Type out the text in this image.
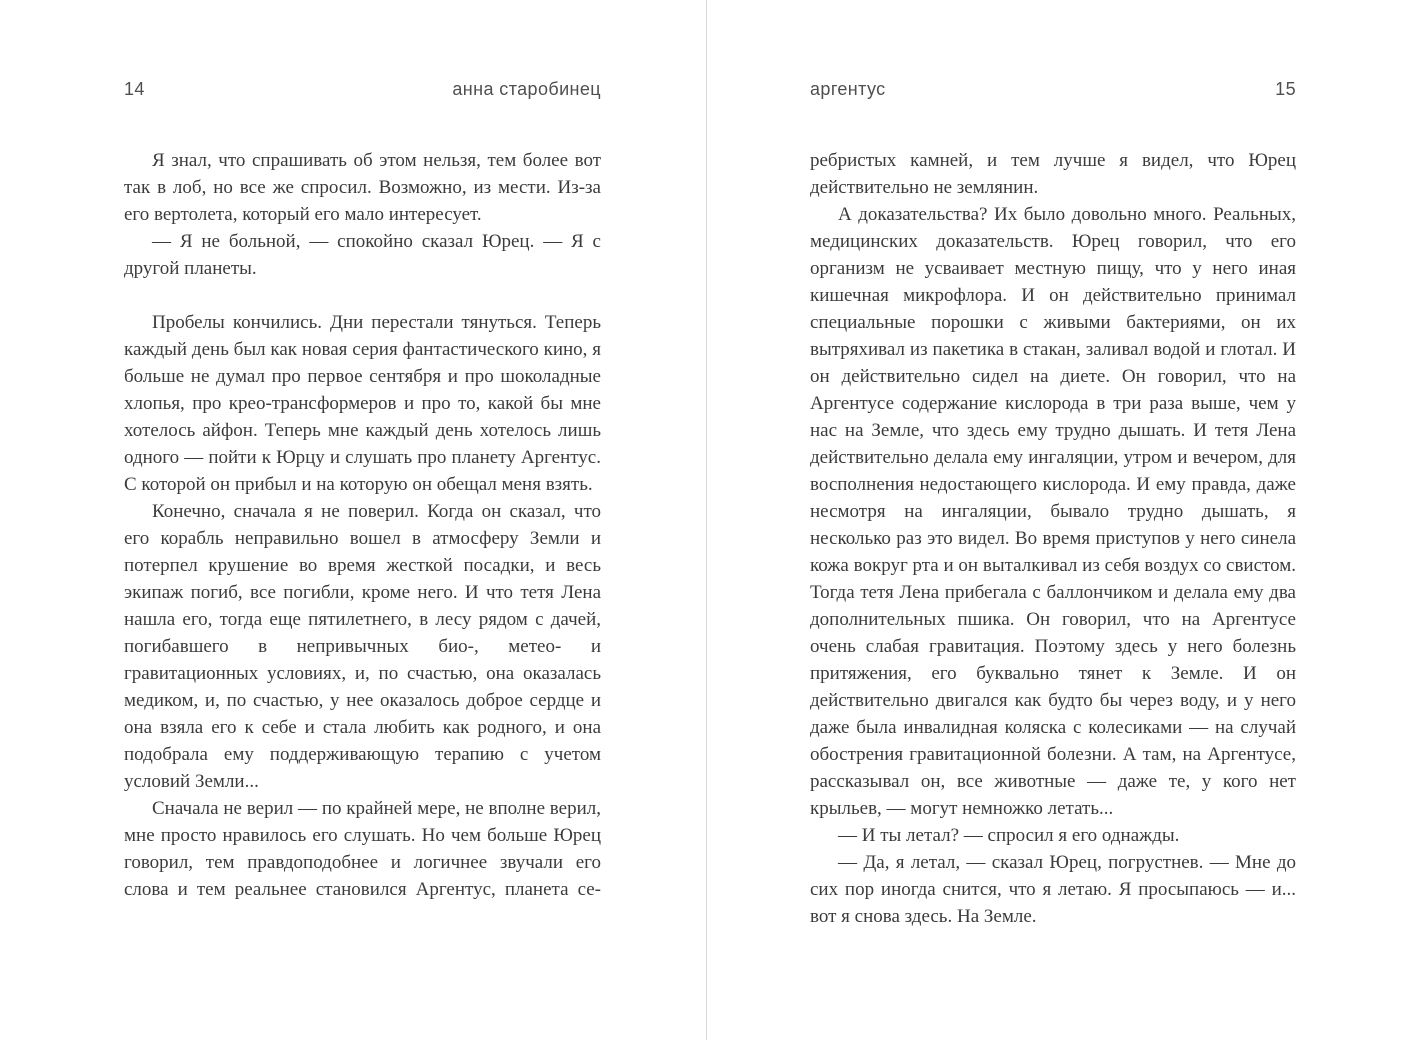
14	анна старобинец

Я знал, что спрашивать об этом нельзя, тем более вот так в лоб, но все же спросил. Возможно, из мести. Из-за его вертолета, который его мало интересует.

— Я не больной, — спокойно сказал Юрец. — Я с другой планеты.

Пробелы кончились. Дни перестали тянуться. Теперь каждый день был как новая серия фантастического кино, я больше не думал про первое сентября и про шоколадные хлопья, про крео-трансформеров и про то, какой бы мне хотелось айфон. Теперь мне каждый день хотелось лишь одного — пойти к Юрцу и слушать про планету Аргентус. С которой он прибыл и на которую он обещал меня взять.

Конечно, сначала я не поверил. Когда он сказал, что его корабль неправильно вошел в атмосферу Земли и потерпел крушение во время жесткой посадки, и весь экипаж погиб, все погибли, кроме него. И что тетя Лена нашла его, тогда еще пятилетнего, в лесу рядом с дачей, погибавшего в непривычных био-, метео- и гравитационных условиях, и, по счастью, она оказалась медиком, и, по счастью, у нее оказалось доброе сердце и она взяла его к себе и стала любить как родного, и она подобрала ему поддерживающую терапию с учетом условий Земли...

Сначала не верил — по крайней мере, не вполне верил, мне просто нравилось его слушать. Но чем больше Юрец говорил, тем правдоподобнее и логичнее звучали его слова и тем реальнее становился Аргентус, планета се-

аргентус	15

ребристых камней, и тем лучше я видел, что Юрец действительно не землянин.

А доказательства? Их было довольно много. Реальных, медицинских доказательств. Юрец говорил, что его организм не усваивает местную пищу, что у него иная кишечная микрофлора. И он действительно принимал специальные порошки с живыми бактериями, он их вытряхивал из пакетика в стакан, заливал водой и глотал. И он действительно сидел на диете. Он говорил, что на Аргентусе содержание кислорода в три раза выше, чем у нас на Земле, что здесь ему трудно дышать. И тетя Лена действительно делала ему ингаляции, утром и вечером, для восполнения недостающего кислорода. И ему правда, даже несмотря на ингаляции, бывало трудно дышать, я несколько раз это видел. Во время приступов у него синела кожа вокруг рта и он выталкивал из себя воздух со свистом. Тогда тетя Лена прибегала с баллончиком и делала ему два дополнительных пшика. Он говорил, что на Аргентусе очень слабая гравитация. Поэтому здесь у него болезнь притяжения, его буквально тянет к Земле. И он действительно двигался как будто бы через воду, и у него даже была инвалидная коляска с колесиками — на случай обострения гравитационной болезни. А там, на Аргентусе, рассказывал он, все животные — даже те, у кого нет крыльев, — могут немножко летать...

— И ты летал? — спросил я его однажды.

— Да, я летал, — сказал Юрец, погрустнев. — Мне до сих пор иногда снится, что я летаю. Я просыпаюсь — и... вот я снова здесь. На Земле.
